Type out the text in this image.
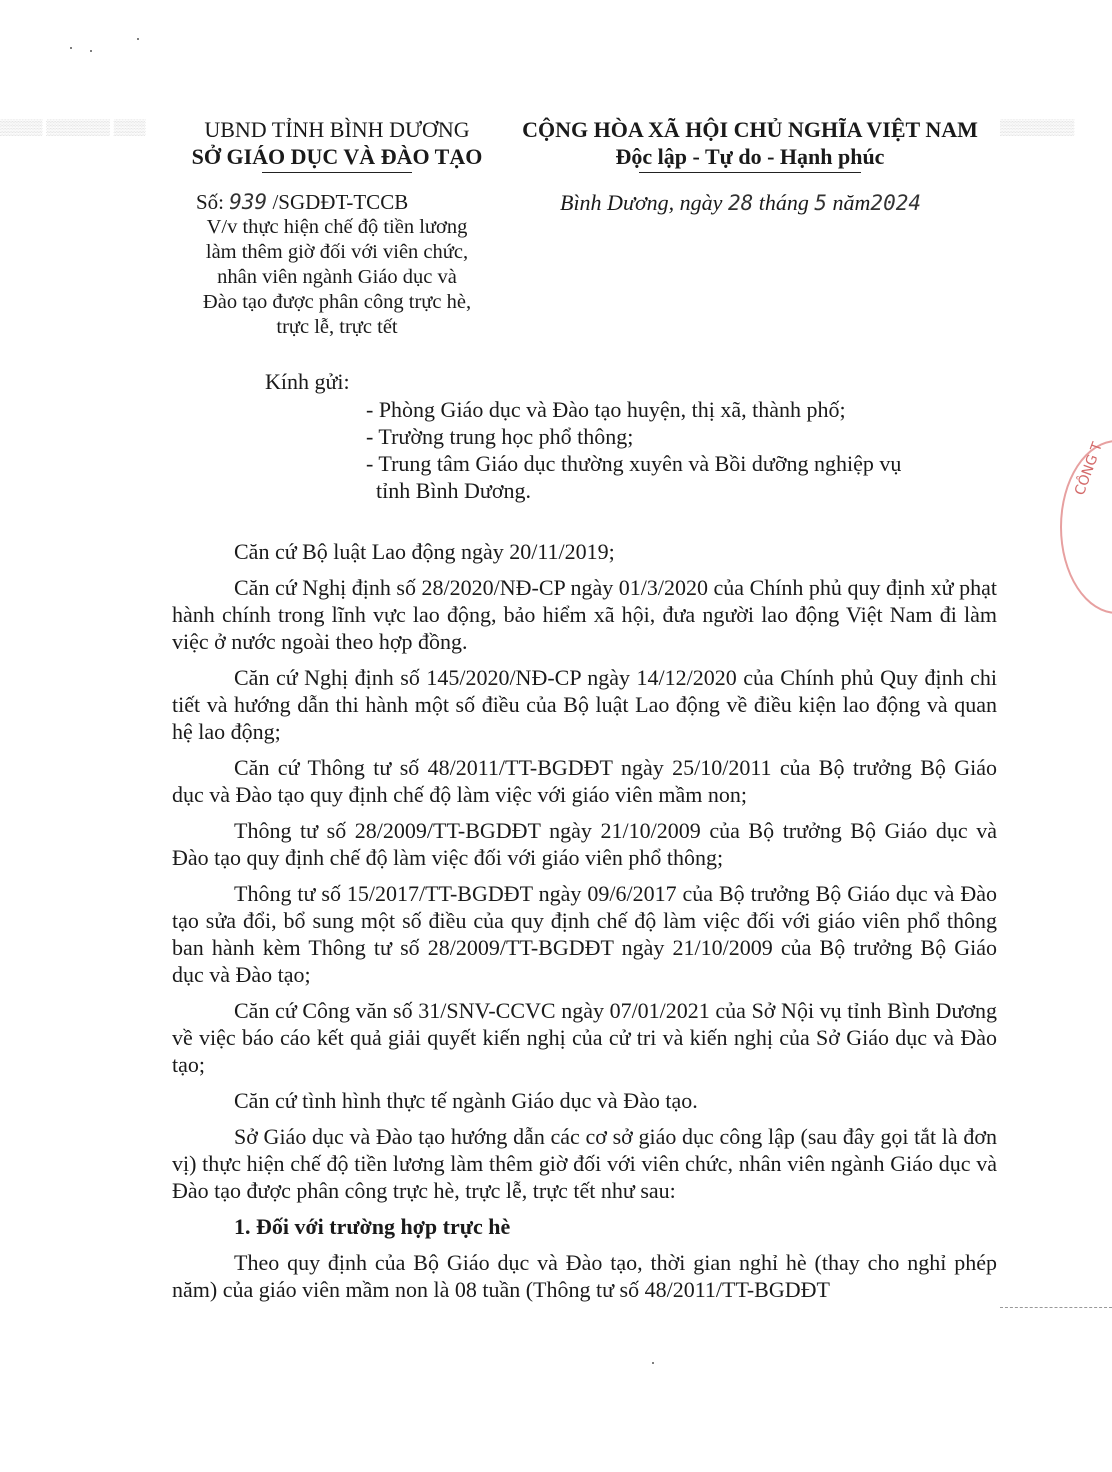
▒▒▒▒ ▒▒▒▒▒▒ ▒▒▒	▒▒▒▒▒▒▒
UBND TỈNH BÌNH DƯƠNG
SỞ GIÁO DỤC VÀ ĐÀO TẠO
CỘNG HÒA XÃ HỘI CHỦ NGHĨA VIỆT NAM
Độc lập - Tự do - Hạnh phúc
Số: 939 /SGDĐT-TCCB	Bình Dương, ngày 28 tháng 5 năm2024
V/v thực hiện chế độ tiền lương
làm thêm giờ đối với viên chức,
nhân viên ngành Giáo dục và
Đào tạo được phân công trực hè,
trực lễ, trực tết
Kính gửi:
- Phòng Giáo dục và Đào tạo huyện, thị xã, thành phố;
- Trường trung học phổ thông;
- Trung tâm Giáo dục thường xuyên và Bồi dưỡng nghiệp vụ
tỉnh Bình Dương.	CÔNG T

Căn cứ Bộ luật Lao động ngày 20/11/2019;

Căn cứ Nghị định số 28/2020/NĐ-CP ngày 01/3/2020 của Chính phủ quy định xử phạt hành chính trong lĩnh vực lao động, bảo hiểm xã hội, đưa người lao động Việt Nam đi làm việc ở nước ngoài theo hợp đồng.

Căn cứ Nghị định số 145/2020/NĐ-CP ngày 14/12/2020 của Chính phủ Quy định chi tiết và hướng dẫn thi hành một số điều của Bộ luật Lao động về điều kiện lao động và quan hệ lao động;

Căn cứ Thông tư số 48/2011/TT-BGDĐT ngày 25/10/2011 của Bộ trưởng Bộ Giáo dục và Đào tạo quy định chế độ làm việc với giáo viên mầm non;

Thông tư số 28/2009/TT-BGDĐT ngày 21/10/2009 của Bộ trưởng Bộ Giáo dục và Đào tạo quy định chế độ làm việc đối với giáo viên phổ thông;

Thông tư số 15/2017/TT-BGDĐT ngày 09/6/2017 của Bộ trưởng Bộ Giáo dục và Đào tạo sửa đổi, bổ sung một số điều của quy định chế độ làm việc đối với giáo viên phổ thông ban hành kèm Thông tư số 28/2009/TT-BGDĐT ngày 21/10/2009 của Bộ trưởng Bộ Giáo dục và Đào tạo;

Căn cứ Công văn số 31/SNV-CCVC ngày 07/01/2021 của Sở Nội vụ tỉnh Bình Dương về việc báo cáo kết quả giải quyết kiến nghị của cử tri và kiến nghị của Sở Giáo dục và Đào tạo;

Căn cứ tình hình thực tế ngành Giáo dục và Đào tạo.

Sở Giáo dục và Đào tạo hướng dẫn các cơ sở giáo dục công lập (sau đây gọi tắt là đơn vị) thực hiện chế độ tiền lương làm thêm giờ đối với viên chức, nhân viên ngành Giáo dục và Đào tạo được phân công trực hè, trực lễ, trực tết như sau:

1. Đối với trường hợp trực hè

Theo quy định của Bộ Giáo dục và Đào tạo, thời gian nghỉ hè (thay cho nghỉ phép năm) của giáo viên mầm non là 08 tuần (Thông tư số 48/2011/TT-BGDĐT
